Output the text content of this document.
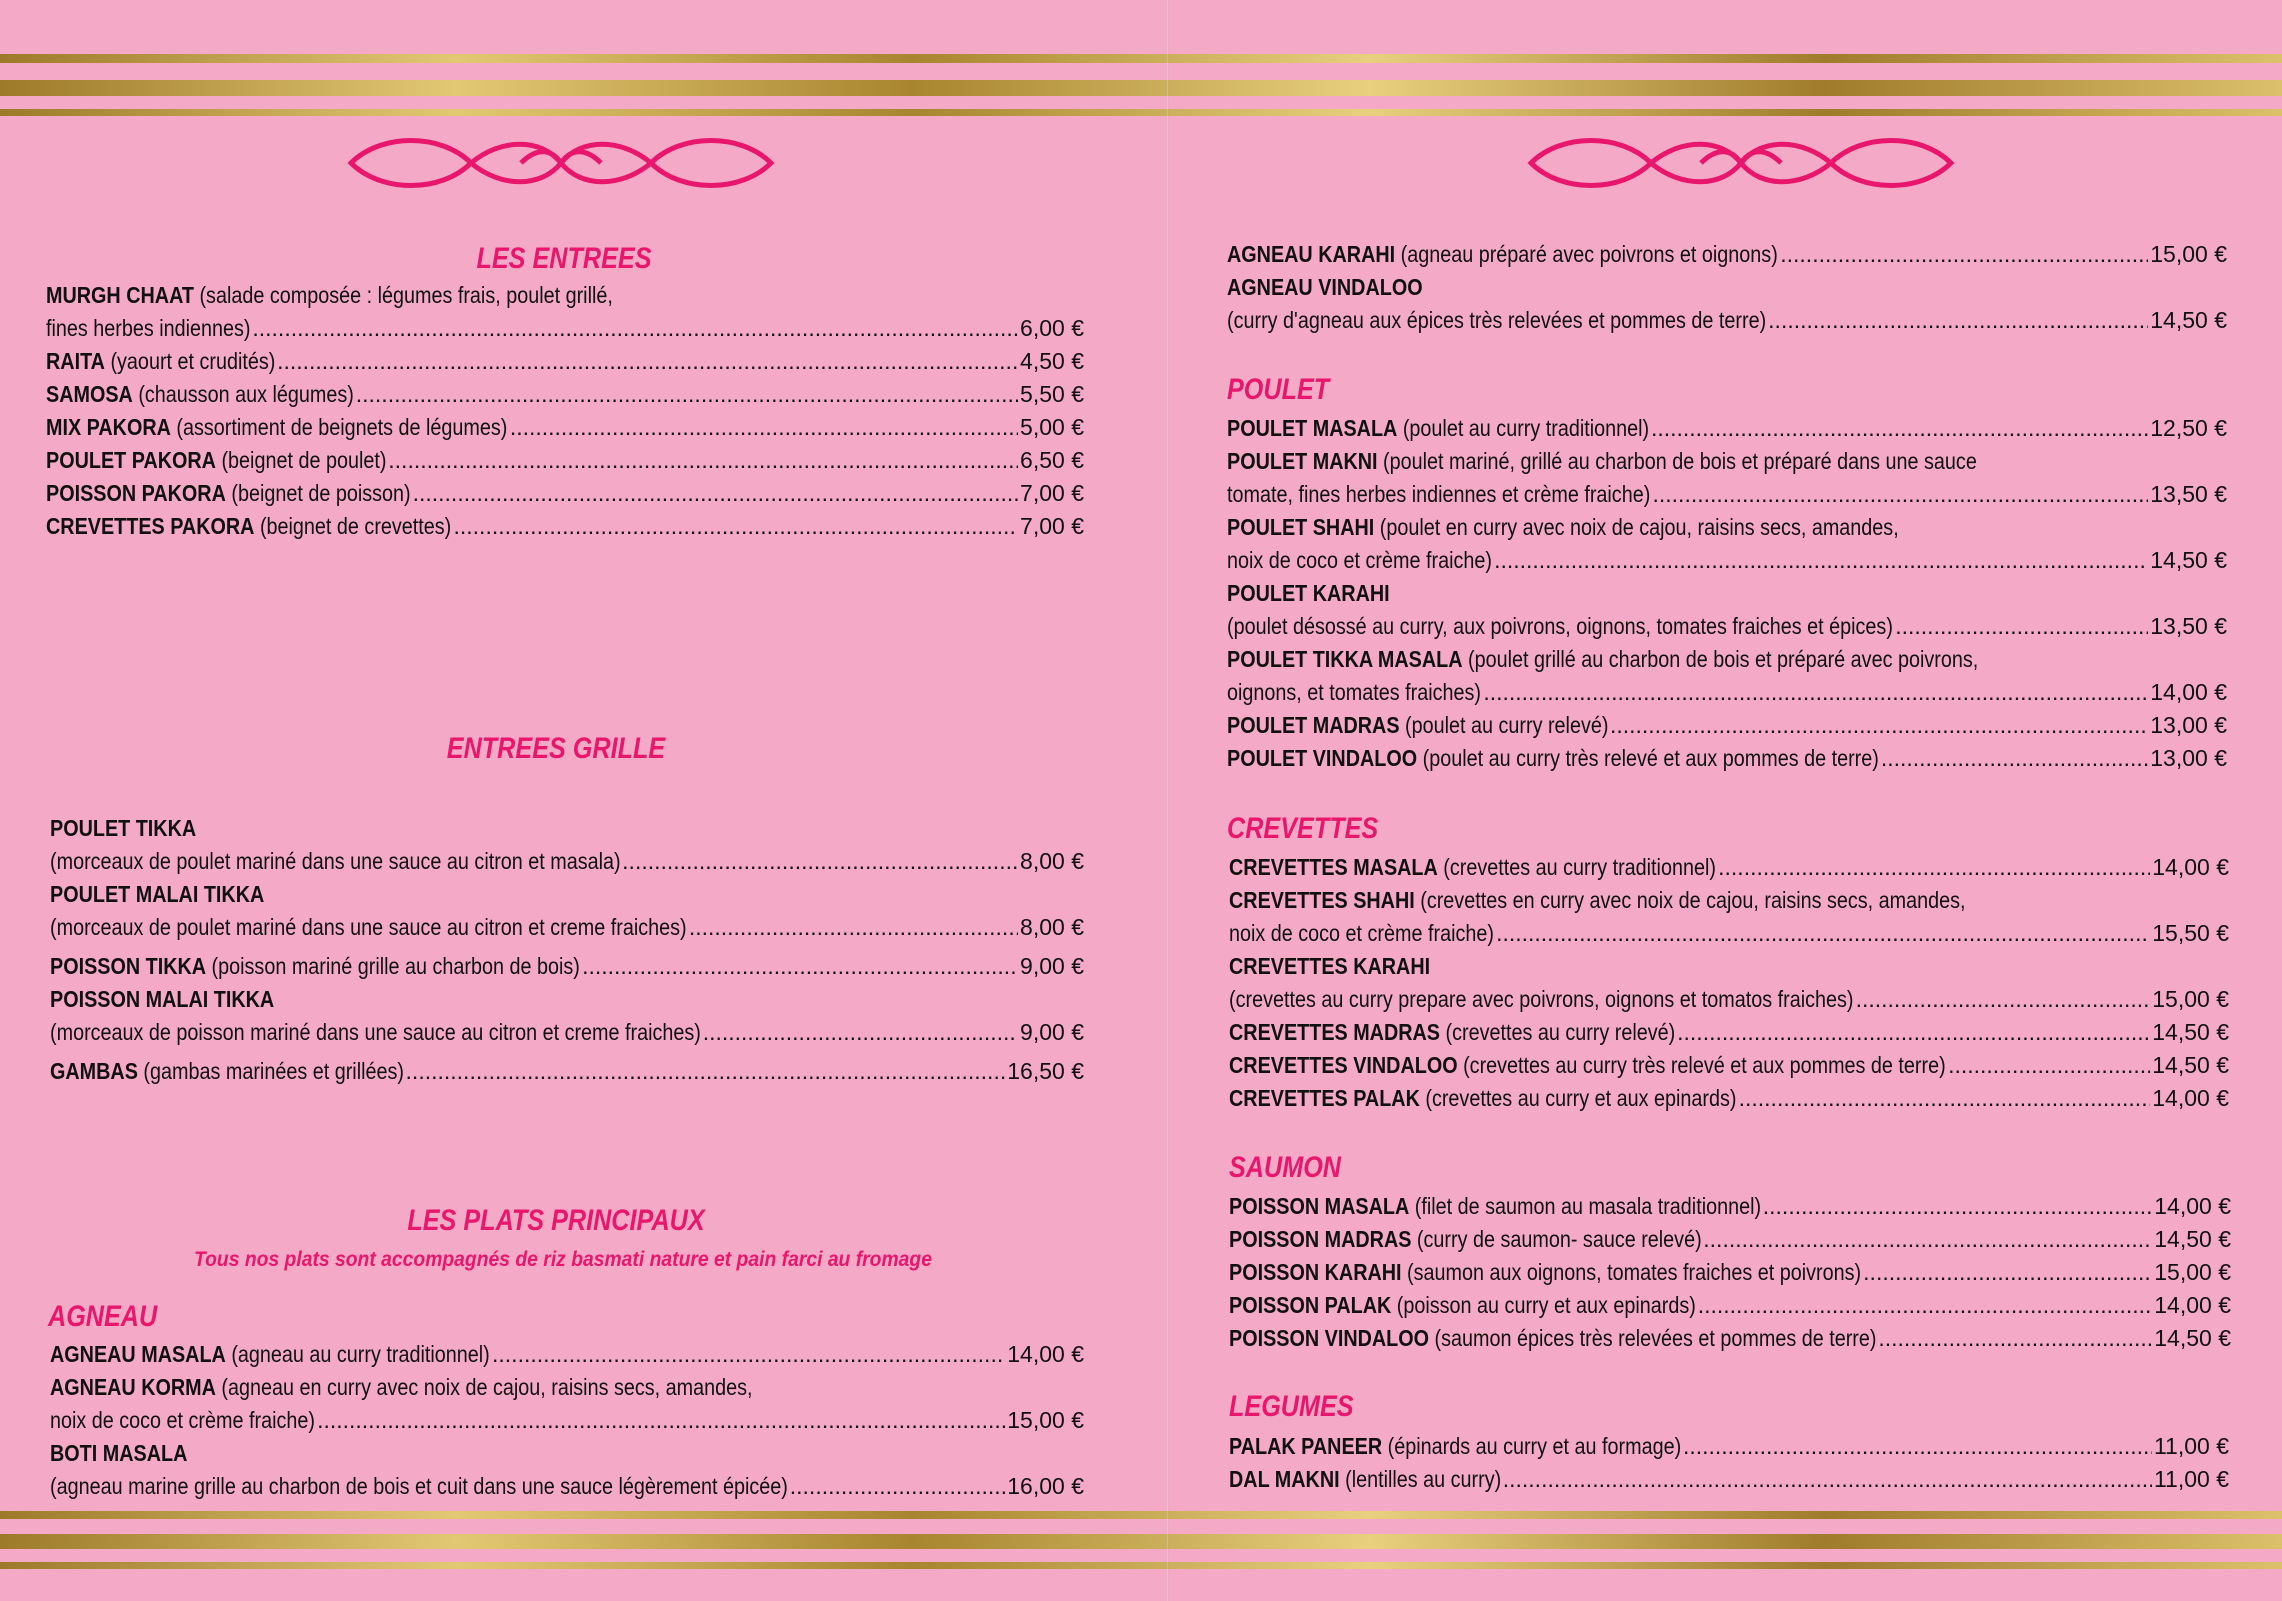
LES ENTREES
MURGH CHAAT (salade composée : légumes frais, poulet grillé,
fines herbes indiennes) .....	6,00 €
RAITA (yaourt et crudités) .....	4,50 €
SAMOSA (chausson aux légumes) .....	5,50 €
MIX PAKORA (assortiment de beignets de légumes) .....	5,00 €
POULET PAKORA (beignet de poulet) .....	6,50 €
POISSON PAKORA (beignet de poisson) .....	7,00 €
CREVETTES PAKORA (beignet de crevettes) .....	7,00 €
ENTREES GRILLE
POULET TIKKA
(morceaux de poulet mariné dans une sauce au citron et masala) .....	8,00 €
POULET MALAI TIKKA
(morceaux de poulet mariné dans une sauce au citron et creme fraiches) .....	8,00 €
POISSON TIKKA (poisson mariné grille au charbon de bois) .....	9,00 €
POISSON MALAI TIKKA
(morceaux de poisson mariné dans une sauce au citron et creme fraiches) .....	9,00 €
GAMBAS (gambas marinées et grillées) .....	16,50 €
LES PLATS PRINCIPAUX
Tous nos plats sont accompagnés de riz basmati nature et pain farci au fromage
AGNEAU
AGNEAU MASALA (agneau au curry traditionnel) .....	14,00 €
AGNEAU KORMA (agneau en curry avec noix de cajou, raisins secs, amandes,
noix de coco et crème fraiche) .....	15,00 €
BOTI MASALA
(agneau marine grille au charbon de bois et cuit dans une sauce légèrement épicée) .....	16,00 €
AGNEAU KARAHI (agneau préparé avec poivrons et oignons) .....	15,00 €
AGNEAU VINDALOO
(curry d'agneau aux épices très relevées et pommes de terre) .....	14,50 €
POULET
POULET MASALA (poulet au curry traditionnel) .....	12,50 €
POULET MAKNI (poulet mariné, grillé au charbon de bois et préparé dans une sauce
tomate, fines herbes indiennes et crème fraiche) .....	13,50 €
POULET SHAHI (poulet en curry avec noix de cajou, raisins secs, amandes,
noix de coco et crème fraiche) .....	14,50 €
POULET KARAHI
(poulet désossé au curry, aux poivrons, oignons, tomates fraiches et épices) .....	13,50 €
POULET TIKKA MASALA (poulet grillé au charbon de bois et préparé avec poivrons,
oignons, et tomates fraiches) .....	14,00 €
POULET MADRAS (poulet au curry relevé) .....	13,00 €
POULET VINDALOO (poulet au curry très relevé et aux pommes de terre) .....	13,00 €
CREVETTES
CREVETTES MASALA (crevettes au curry traditionnel) .....	14,00 €
CREVETTES SHAHI (crevettes en curry avec noix de cajou, raisins secs, amandes,
noix de coco et crème fraiche) .....	15,50 €
CREVETTES KARAHI
(crevettes au curry prepare avec poivrons, oignons et tomatos fraiches) .....	15,00 €
CREVETTES MADRAS (crevettes au curry relevé) .....	14,50 €
CREVETTES VINDALOO (crevettes au curry très relevé et aux pommes de terre) .....	14,50 €
CREVETTES PALAK (crevettes au curry et aux epinards) .....	14,00 €
SAUMON
POISSON MASALA (filet de saumon au masala traditionnel) .....	14,00 €
POISSON MADRAS (curry de saumon- sauce relevé) .....	14,50 €
POISSON KARAHI (saumon aux oignons, tomates fraiches et poivrons) .....	15,00 €
POISSON PALAK (poisson au curry et aux epinards) .....	14,00 €
POISSON VINDALOO (saumon épices très relevées et pommes de terre) .....	14,50 €
LEGUMES
PALAK PANEER (épinards au curry et au formage) .....	11,00 €
DAL MAKNI (lentilles au curry) .....	11,00 €
